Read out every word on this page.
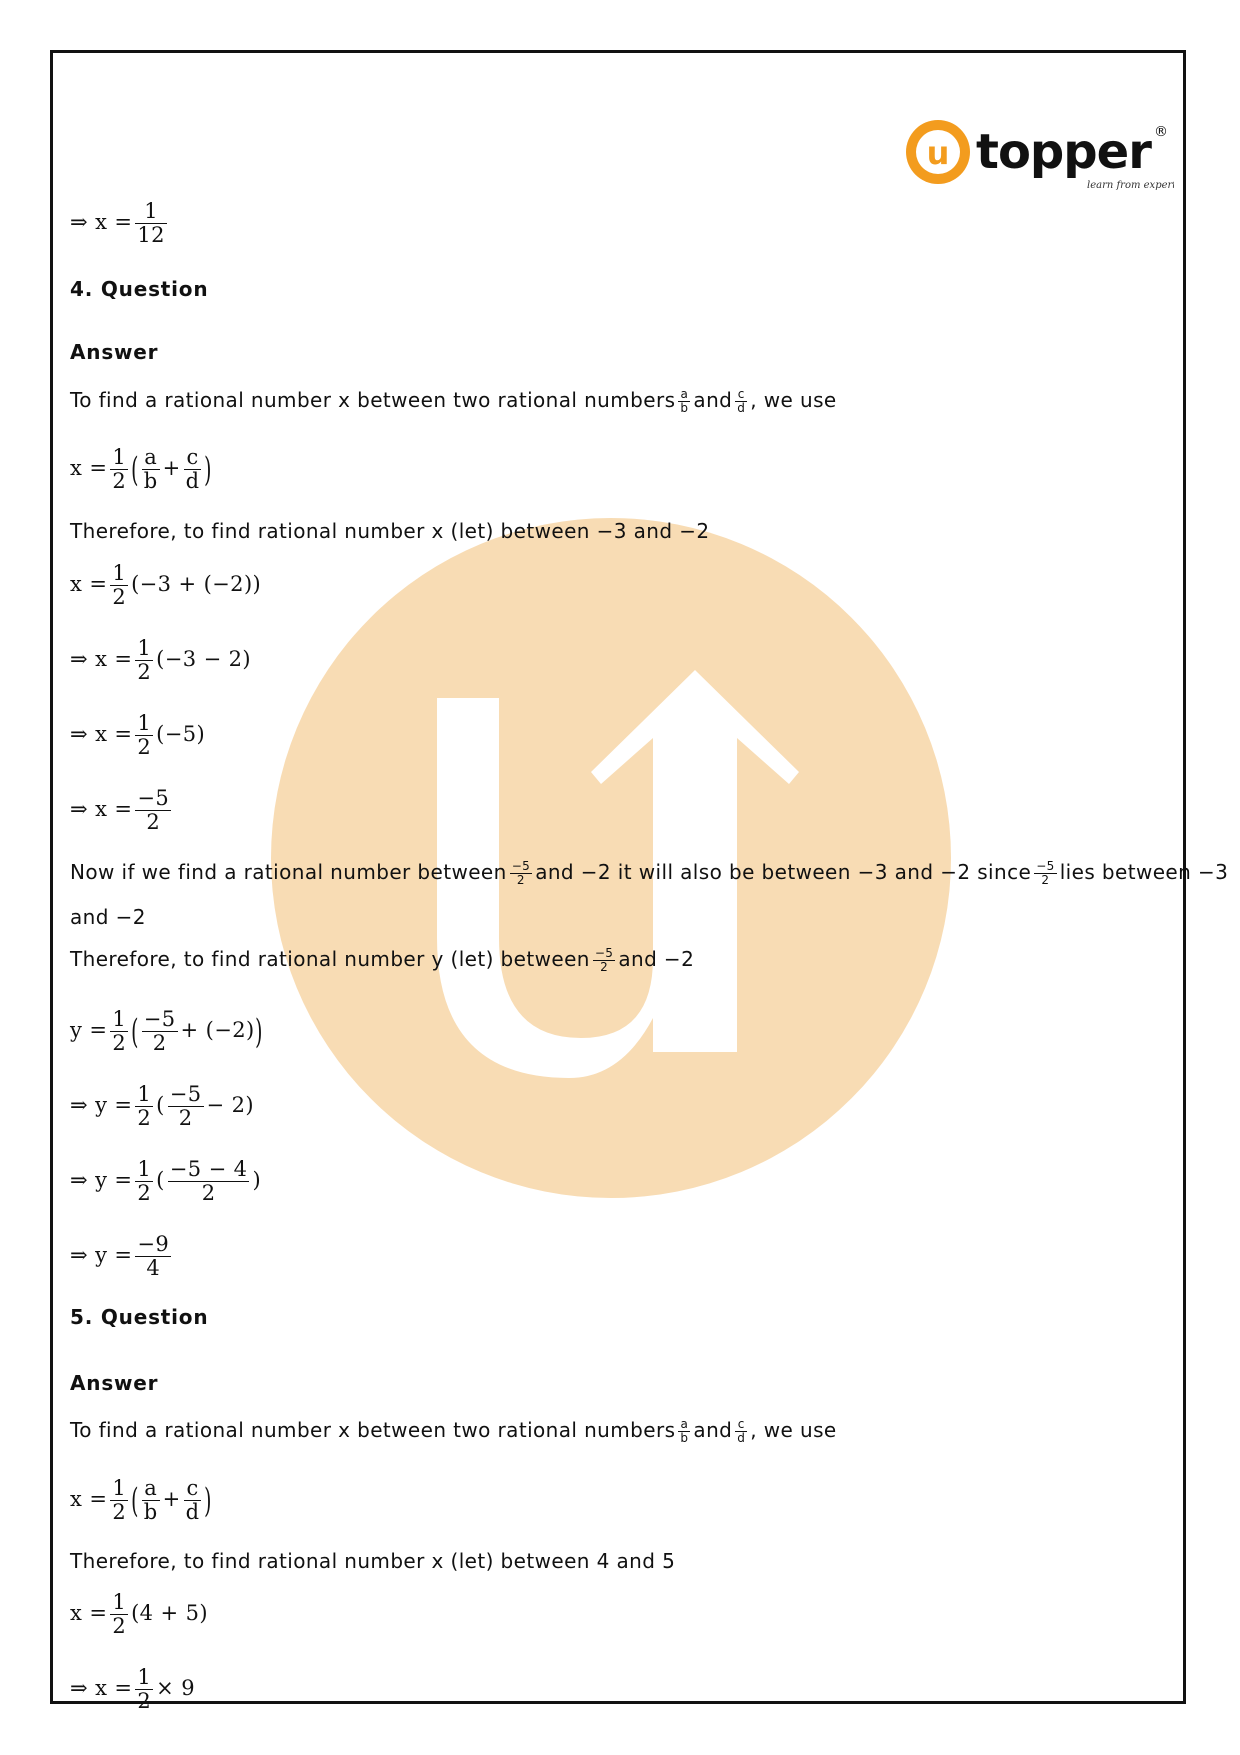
u topper ®
learn from experts
⇒ $x = \frac{1}{12}$
4. Question
Answer
To find a rational number x between two rational numbers $\frac{a}{b}$ and $\frac{c}{d}$ , we use
$x = \frac{1}{2}$ ( $\frac{a}{b} + \frac{c}{d}$ )
Therefore, to find rational number x (let) between −3 and −2
$x = \frac{1}{2} (-3 + (-2))$
⇒ $x = \frac{1}{2} (-3 - 2)$
⇒ $x = \frac{1}{2} (-5)$
⇒ $x = \frac{-5}{2}$
Now if we find a rational number between $\frac{-5}{2}$ and −2 it will also be between −3 and −2 since $\frac{-5}{2}$ lies between −3
and −2
Therefore, to find rational number y (let) between $\frac{-5}{2}$ and −2
$y = \frac{1}{2}$ ( $\frac{-5}{2} + (-2)$)
⇒ $y = \frac{1}{2}$ ( $\frac{-5}{2} - 2$)
⇒ $y = \frac{1}{2}$ ( $\frac{-5 - 4}{2}$ )
⇒ $y = \frac{-9}{4}$
5. Question
Answer
To find a rational number x between two rational numbers $\frac{a}{b}$ and $\frac{c}{d}$ , we use
$x = \frac{1}{2}$ ( $\frac{a}{b} + \frac{c}{d}$ )
Therefore, to find rational number x (let) between 4 and 5
$x = \frac{1}{2} (4 + 5)$
⇒ $x = \frac{1}{2} \times 9$
